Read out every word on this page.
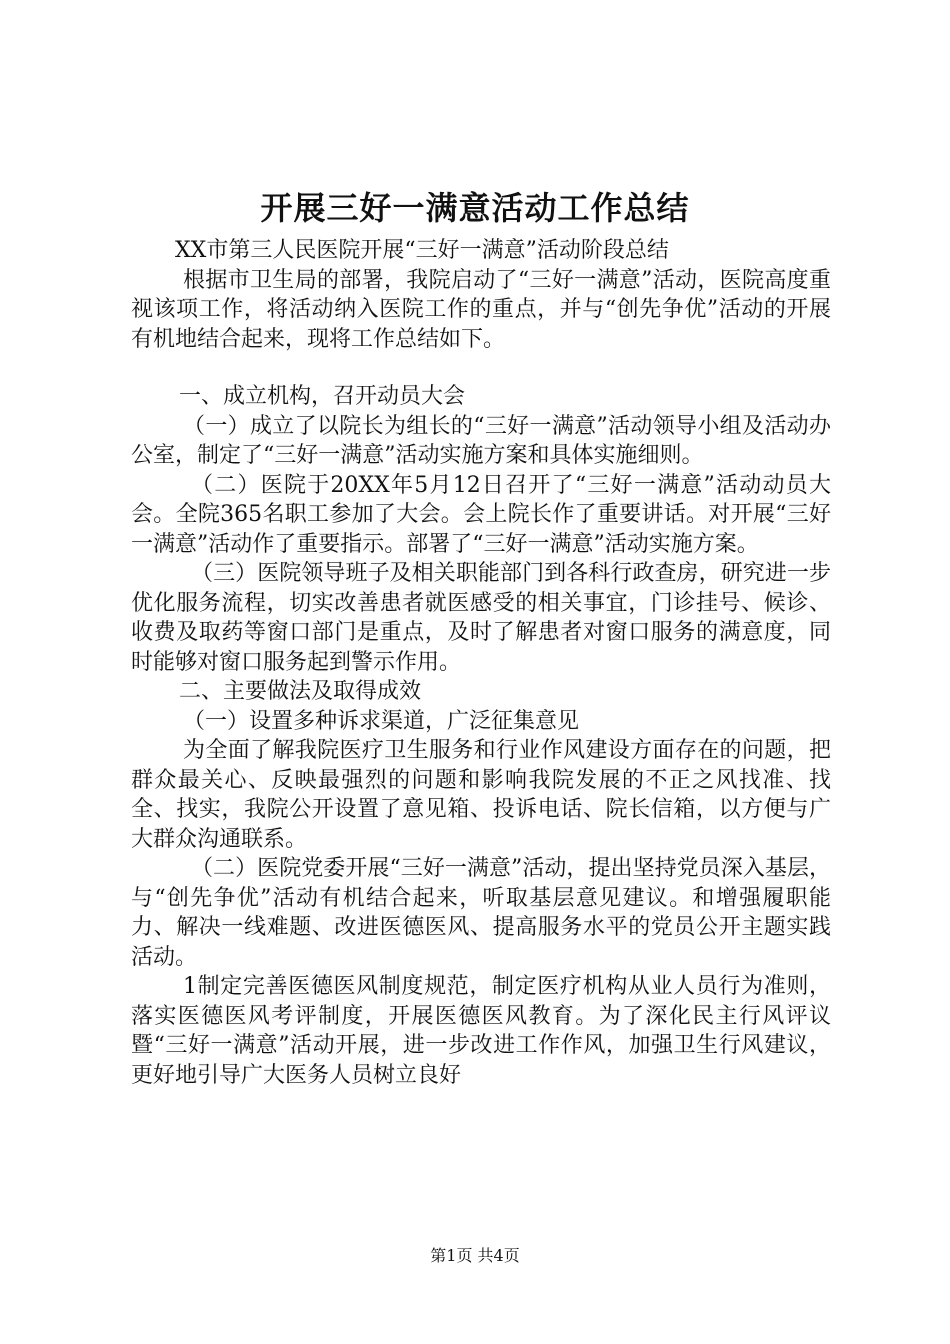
开展三好一满意活动工作总结

XX市第三人民医院开展“三好一满意”活动阶段总结

根据市卫生局的部署，我院启动了“三好一满意”活动，医院高度重视该项工作，将活动纳入医院工作的重点，并与“创先争优”活动的开展有机地结合起来，现将工作总结如下。

一、成立机构，召开动员大会

（一）成立了以院长为组长的“三好一满意”活动领导小组及活动办公室，制定了“三好一满意”活动实施方案和具体实施细则。

（二）医院于20XX年5月12日召开了“三好一满意”活动动员大会。全院365名职工参加了大会。会上院长作了重要讲话。对开展“三好一满意”活动作了重要指示。部署了“三好一满意”活动实施方案。

（三）医院领导班子及相关职能部门到各科行政查房，研究进一步优化服务流程，切实改善患者就医感受的相关事宜，门诊挂号、候诊、收费及取药等窗口部门是重点，及时了解患者对窗口服务的满意度，同时能够对窗口服务起到警示作用。

二、主要做法及取得成效

（一）设置多种诉求渠道，广泛征集意见

为全面了解我院医疗卫生服务和行业作风建设方面存在的问题，把群众最关心、反映最强烈的问题和影响我院发展的不正之风找准、找全、找实，我院公开设置了意见箱、投诉电话、院长信箱，以方便与广大群众沟通联系。

（二）医院党委开展“三好一满意”活动，提出坚持党员深入基层，与“创先争优”活动有机结合起来，听取基层意见建议。和增强履职能力、解决一线难题、改进医德医风、提高服务水平的党员公开主题实践活动。

1制定完善医德医风制度规范，制定医疗机构从业人员行为准则，落实医德医风考评制度，开展医德医风教育。为了深化民主行风评议暨“三好一满意”活动开展，进一步改进工作作风，加强卫生行风建议，更好地引导广大医务人员树立良好

第1页 共4页
